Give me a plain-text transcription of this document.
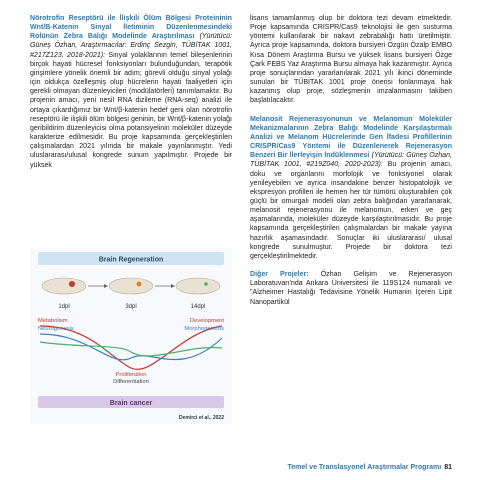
Nörotrofin Reseptörü ile İlişkili Ölüm Bölgesi Proteininin Wnt/B-Katenin Sinyal İletiminin Düzenlenmesindeki Rolünün Zebra Balığı Modelinde Araştırılması (Yürütücü: Güneş Özhan, Araştırmacılar: Erdinç Sezgin, TÜBİTAK 1001, #217Z123, 2018-2021): Sinyal yolaklarının temel bileşenlerinin birçok hayati hücresel fonksiyonları bulunduğundan, terapötik girişimlere yönelik önemli bir adım; görevli olduğu sinyal yolağı için oldukça özelleşmiş olup hücrelerin hayati faaliyetleri için gerekli olmayan düzenleyicileri (modülatörleri) tanımlamaktır. Bu projenin amacı, yeni nesil RNA dizileme (RNA-seq) analizi ile ortaya çıkardığımız bir Wnt/β-katenin hedef geni olan nörotrofin reseptörü ile ilişkili ölüm bölgesi geninin, bir Wnt/β-katenin yolağı geribildirim düzenleyicisi olma potansiyelinin moleküler düzeyde karakterize edilmesidir. Bu proje kapsamında gerçekleştirilen çalışmalardan 2021 yılında bir makale yayınlanmıştır. Yedi uluslararası/ulusal kongrede sunum yapılmıştır. Projede bir yüksek

Brain Regeneration
1dpl	3dpl	14dpl
Metabolism
Neurogenesis
Development
Morphogenesis
Proliferation
Differentiation
Brain cancer
Demirci et al., 2022

lisans tamamlanmış olup bir doktora tezi devam etmektedir. Proje kapsamında CRISPR/Cas9 teknolojisi ile gen susturma yöntemi kullanılarak bir nakavt zebrabalığı hattı üretilmiştir. Ayrıca proje kapsamında, doktora bursiyeri Özgün Özalp EMBO Kısa Dönem Araştırma Bursu ve yüksek lisans bursiyeri Özge Çark FEBS Yaz Araştırma Bursu almaya hak kazanmıştır. Ayrıca proje sonuçlarından yararlanılarak 2021 yılı ikinci döneminde sunulan bir TÜBİTAK 1001 proje önerisi fonlanmaya hak kazanmış olup proje, sözleşmenin imzalanmasını takiben başlatılacaktır.

Melanosit Rejenerasyonunun ve Melanomun Moleküler Mekanizmalarının Zebra Balığı Modelinde Karşılaştırmalı Analizi ve Melanom Hücrelerinde Gen İfadesi Profillerinin CRISPR/Cas9 Yöntemi ile Düzenlenerek Rejenerasyon Benzeri Bir İlerleyişin İndüklenmesi (Yürütücü: Güneş Özhan, TÜBİTAK 1001, #219Z040, 2020-2023): Bu projenin amacı, doku ve organlarını morfolojik ve fonksiyonel olarak yenileyebilen ve ayrıca insandakine benzer histopatolojik ve ekspresyon profilleri ile hemen her tür tümörü oluşturabilen çok güçlü bir omurgalı modeli olan zebra balığından yararlanarak, melanosit rejenerasyonu ile melanomun, erken ve geç aşamalarında, moleküler düzeyde karşılaştırılmasıdır. Bu proje kapsamında gerçekleştirilen çalışmalardan bir makale yayına hazırlık aşamasındadır. Sonuçlar iki uluslararası/ ulusal kongrede sunulmuştur. Projede bir doktora tezi gerçekleştirilmektedir.

Diğer Projeler: Özhan Gelişim ve Rejenerasyon Laboratuvarı'nda Ankara Üniversitesi ile 119S124 numaralı ve "Alzheimer Hastalığı Tedavisine Yönelik Humanin İçeren Lipit Nanopartikül

Temel ve Translasyonel Araştırmalar Programı 81
